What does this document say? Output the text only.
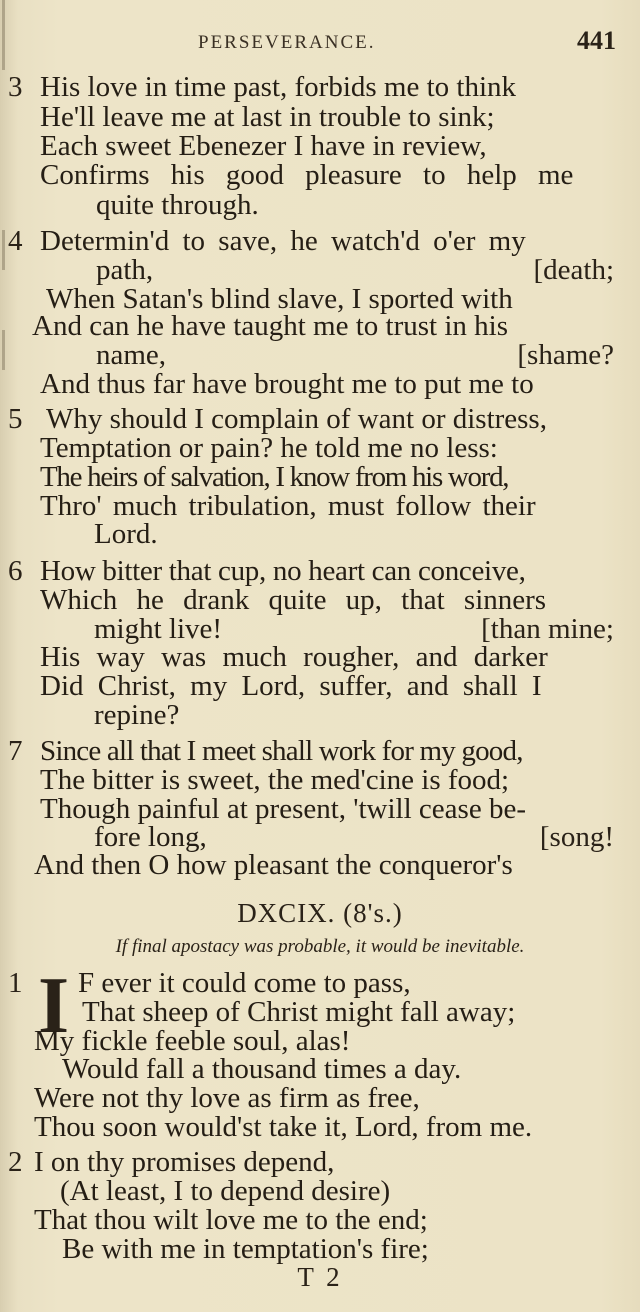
PERSEVERANCE.	441
3 His love in time past, forbids me to think
He'll leave me at last in trouble to sink;
Each sweet Ebenezer I have in review,
Confirms his good pleasure to help me
quite through.
4 Determin'd to save, he watch'd o'er my
path,	[death;
When Satan's blind slave, I sported with
And can he have taught me to trust in his
name,	[shame?
And thus far have brought me to put me to
5 Why should I complain of want or distress,
Temptation or pain? he told me no less:
The heirs of salvation, I know from his word,
Thro' much tribulation, must follow their
Lord.
6 How bitter that cup, no heart can conceive,
Which he drank quite up, that sinners
might live!	[than mine;
His way was much rougher, and darker
Did Christ, my Lord, suffer, and shall I
repine?
7 Since all that I meet shall work for my good,
The bitter is sweet, the med'cine is food;
Though painful at present, 'twill cease be-
fore long,	[song!
And then O how pleasant the conqueror's
DXCIX. (8's.)
If final apostacy was probable, it would be inevitable.
1 I F ever it could come to pass,
That sheep of Christ might fall away;
My fickle feeble soul, alas!
Would fall a thousand times a day.
Were not thy love as firm as free,
Thou soon would'st take it, Lord, from me.
2 I on thy promises depend,
(At least, I to depend desire)
That thou wilt love me to the end;
Be with me in temptation's fire;
T 2
